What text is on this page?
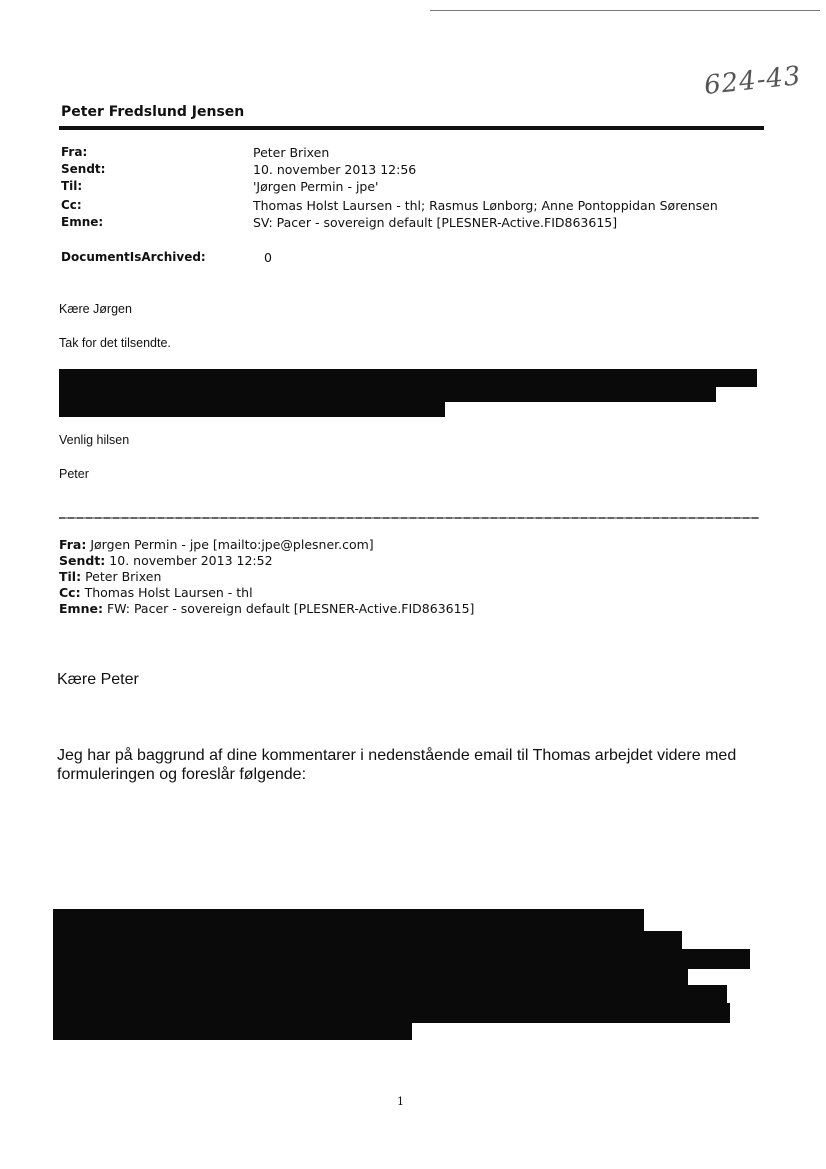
624-43
Peter Fredslund Jensen
Fra:	Peter Brixen
Sendt:	10. november 2013 12:56
Til:	'Jørgen Permin - jpe'
Cc:	Thomas Holst Laursen - thl; Rasmus Lønborg; Anne Pontoppidan Sørensen
Emne:	SV: Pacer - sovereign default [PLESNER-Active.FID863615]
DocumentIsArchived:	0
Kære Jørgen
Tak for det tilsendte.
Venlig hilsen
Peter
Fra: Jørgen Permin - jpe [mailto:jpe@plesner.com]
Sendt: 10. november 2013 12:52
Til: Peter Brixen
Cc: Thomas Holst Laursen - thl
Emne: FW: Pacer - sovereign default [PLESNER-Active.FID863615]
Kære Peter
Jeg har på baggrund af dine kommentarer i nedenstående email til Thomas arbejdet videre med
formuleringen og foreslår følgende:
1
